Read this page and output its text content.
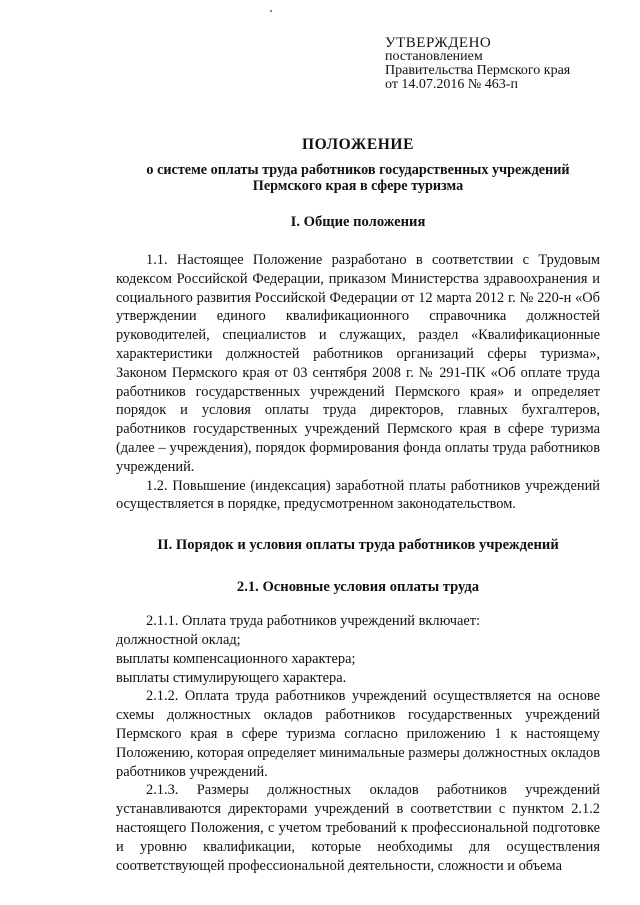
УТВЕРЖДЕНО
постановлением
Правительства Пермского края
от 14.07.2016 № 463-п
ПОЛОЖЕНИЕ
о системе оплаты труда работников государственных учреждений
Пермского края в сфере туризма
I. Общие положения

1.1. Настоящее Положение разработано в соответствии с Трудовым кодексом Российской Федерации, приказом Министерства здравоохранения и социального развития Российской Федерации от 12 марта 2012 г. № 220-н «Об утверждении единого квалификационного справочника должностей руководителей, специалистов и служащих, раздел «Квалификационные характеристики должностей работников организаций сферы туризма», Законом Пермского края от 03 сентября 2008 г. № 291-ПК «Об оплате труда работников государственных учреждений Пермского края» и определяет порядок и условия оплаты труда директоров, главных бухгалтеров, работников государственных учреждений Пермского края в сфере туризма (далее – учреждения), порядок формирования фонда оплаты труда работников учреждений.

1.2. Повышение (индексация) заработной платы работников учреждений осуществляется в порядке, предусмотренном законодательством.

II. Порядок и условия оплаты труда работников учреждений
2.1. Основные условия оплаты труда

2.1.1. Оплата труда работников учреждений включает:

должностной оклад;

выплаты компенсационного характера;

выплаты стимулирующего характера.

2.1.2. Оплата труда работников учреждений осуществляется на основе схемы должностных окладов работников государственных учреждений Пермского края в сфере туризма согласно приложению 1 к настоящему Положению, которая определяет минимальные размеры должностных окладов работников учреждений.

2.1.3. Размеры должностных окладов работников учреждений устанавливаются директорами учреждений в соответствии с пунктом 2.1.2 настоящего Положения, с учетом требований к профессиональной подготовке и уровню квалификации, которые необходимы для осуществления соответствующей профессиональной деятельности, сложности и объема
